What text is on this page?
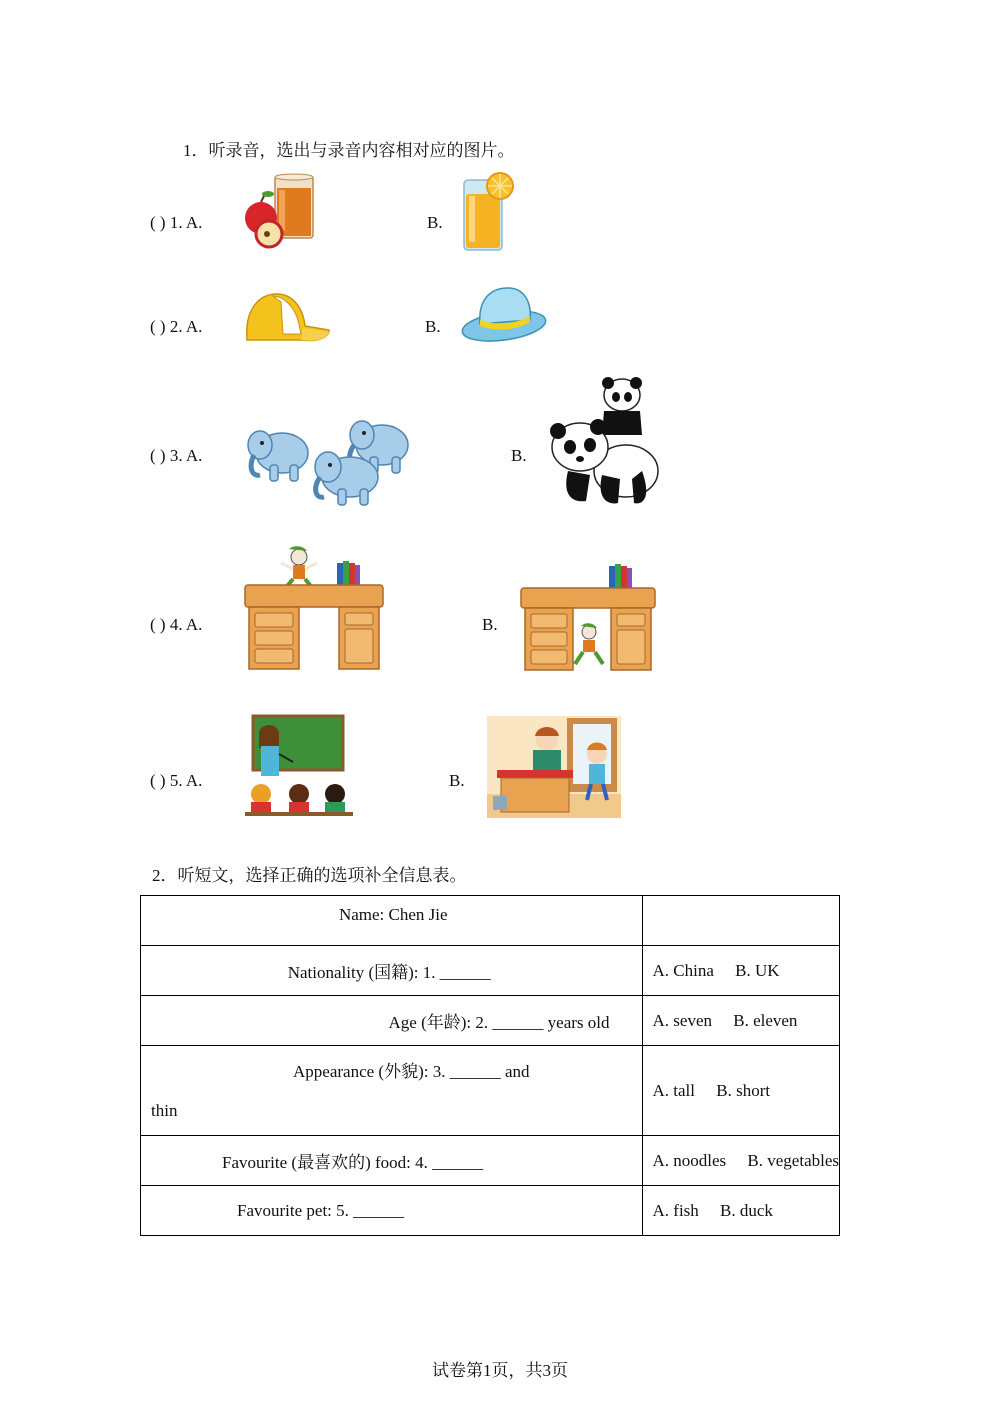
1．听录音，选出与录音内容相对应的图片。
( ) 1. A.	B.
( ) 2. A.	B.
( ) 3. A.	B.
( ) 4. A.	B.
( ) 5. A.	B.
2．听短文，选择正确的选项补全信息表。
Name: Chen Jie	
Nationality (国籍): 1. ______	A. China     B. UK
Age (年龄): 2. ______ years old	A. seven     B. eleven

Appearance (外貌): 3. ______ and
thin	A. tall     B. short
Favourite (最喜欢的) food: 4. ______	A. noodles     B. vegetables
Favourite pet: 5. ______	A. fish     B. duck
试卷第1页，共3页
